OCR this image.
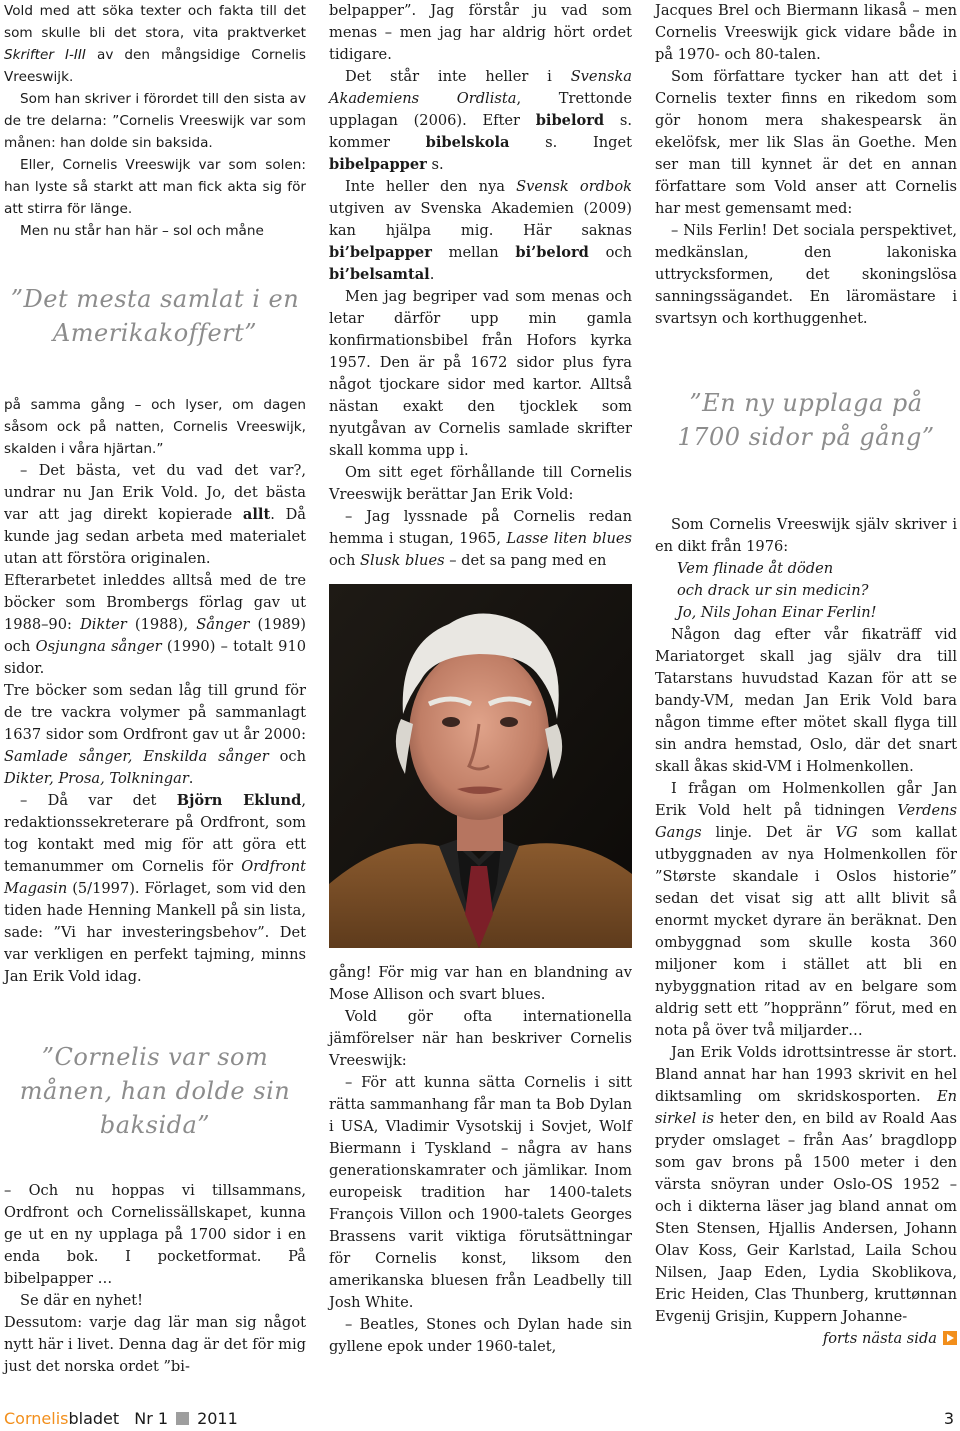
Vold med att söka texter och fakta till det som skulle bli det stora, vita praktverket Skrifter I-III av den mångsidige Cornelis Vreeswijk.

Som han skriver i förordet till den sista av de tre delarna: ”Cornelis Vreeswijk var som månen: han dolde sin baksida.

Eller, Cornelis Vreeswijk var som solen: han lyste så starkt att man fick akta sig för att stirra för länge.

Men nu står han här – sol och måne

”Det mesta samlat i en Amerikakoffert”

på samma gång – och lyser, om dagen såsom ock på natten, Cornelis Vreeswijk, skalden i våra hjärtan.”

– Det bästa, vet du vad det var?, undrar nu Jan Erik Vold. Jo, det bästa var att jag direkt kopierade allt. Då kunde jag sedan arbeta med materialet utan att förstöra originalen.

Efterarbetet inleddes alltså med de tre böcker som Brombergs förlag gav ut 1988–90: Dikter (1988), Sånger (1989) och Osjungna sånger (1990) – totalt 910 sidor.

Tre böcker som sedan låg till grund för de tre vackra volymer på sammanlagt 1637 sidor som Ordfront gav ut år 2000: Samlade sånger, Enskilda sånger och Dikter, Prosa, Tolkningar.

– Då var det Björn Eklund, redaktionssekreterare på Ordfront, som tog kontakt med mig för att göra ett temanummer om Cornelis för Ordfront Magasin (5/1997). Förlaget, som vid den tiden hade Henning Mankell på sin lista, sade: ”Vi har investeringsbehov”. Det var verkligen en perfekt tajming, minns Jan Erik Vold idag.

”Cornelis var som månen, han dolde sin baksida”

– Och nu hoppas vi tillsammans, Ordfront och Cornelissällskapet, kunna ge ut en ny upplaga på 1700 sidor i en enda bok. I pocketformat. På bibelpapper …

Se där en nyhet!

Dessutom: varje dag lär man sig något nytt här i livet. Denna dag är det för mig just det norska ordet ”bi-

belpapper”. Jag förstår ju vad som menas – men jag har aldrig hört ordet tidigare.

Det står inte heller i Svenska Akademiens Ordlista, Trettonde upplagan (2006). Efter bibelord s. kommer bibelskola s. Inget bibelpapper s.

Inte heller den nya Svensk ordbok utgiven av Svenska Akademien (2009) kan hjälpa mig. Här saknas bi’belpapper mellan bi’belord och bi’belsamtal.

Men jag begriper vad som menas och letar därför upp min gamla konfirmationsbibel från Hofors kyrka 1957. Den är på 1672 sidor plus fyra något tjockare sidor med kartor. Alltså nästan exakt den tjocklek som nyutgåvan av Cornelis samlade skrifter skall komma upp i.

Om sitt eget förhållande till Cornelis Vreeswijk berättar Jan Erik Vold:

– Jag lyssnade på Cornelis redan hemma i stugan, 1965, Lasse liten blues och Slusk blues – det sa pang med en

gång! För mig var han en blandning av Mose Allison och svart blues.

Vold gör ofta internationella jämförelser när han beskriver Cornelis Vreeswijk:

– För att kunna sätta Cornelis i sitt rätta sammanhang får man ta Bob Dylan i USA, Vladimir Vysotskij i Sovjet, Wolf Biermann i Tyskland – några av hans generationskamrater och jämlikar. Inom europeisk tradition har 1400-talets François Villon och 1900-talets Georges Brassens varit viktiga förutsättningar för Cornelis konst, liksom den amerikanska bluesen från Leadbelly till Josh White.

– Beatles, Stones och Dylan hade sin gyllene epok under 1960-talet,

Jacques Brel och Biermann likaså – men Cornelis Vreeswijk gick vidare både in på 1970- och 80-talen.

Som författare tycker han att det i Cornelis texter finns en rikedom som gör honom mera shakespearsk än ekelöfsk, mer lik Slas än Goethe. Men ser man till kynnet är det en annan författare som Vold anser att Cornelis har mest gemensamt med:

– Nils Ferlin! Det sociala perspektivet, medkänslan, den lakoniska uttrycksformen, det skoningslösa sanningssägandet. En läromästare i svartsyn och korthuggenhet.

”En ny upplaga på 1700 sidor på gång”

Som Cornelis Vreeswijk själv skriver i en dikt från 1976:

Vem flinade åt döden

och drack ur sin medicin?

Jo, Nils Johan Einar Ferlin!

Någon dag efter vår fikaträff vid Mariatorget skall jag själv dra till Tatarstans huvudstad Kazan för att se bandy-VM, medan Jan Erik Vold bara någon timme efter mötet skall flyga till sin andra hemstad, Oslo, där det snart skall åkas skid-VM i Holmenkollen.

I frågan om Holmenkollen går Jan Erik Vold helt på tidningen Verdens Gangs linje. Det är VG som kallat utbyggnaden av nya Holmenkollen för ”Største skandale i Oslos historie” sedan det visat sig att allt blivit så enormt mycket dyrare än beräknat. Den ombyggnad som skulle kosta 360 miljoner kom i stället att bli en nybyggnation ritad av en belgare som aldrig sett ett ”hoppränn” förut, med en nota på över två miljarder…

Jan Erik Volds idrottsintresse är stort. Bland annat har han 1993 skrivit en hel diktsamling om skridskosporten. En sirkel is heter den, en bild av Roald Aas pryder omslaget – från Aas’ bragdlopp som gav brons på 1500 meter i den värsta snöyran under Oslo-OS 1952 – och i dikterna läser jag bland annat om Sten Stensen, Hjallis Andersen, Johann Olav Koss, Geir Karlstad, Laila Schou Nilsen, Jaap Eden, Lydia Skoblikova, Eric Heiden, Clas Thunberg, kruttønnan Evgenij Grisjin, Kuppern Johanne-

forts nästa sida

Cornelisbladet Nr 1 2011	3
